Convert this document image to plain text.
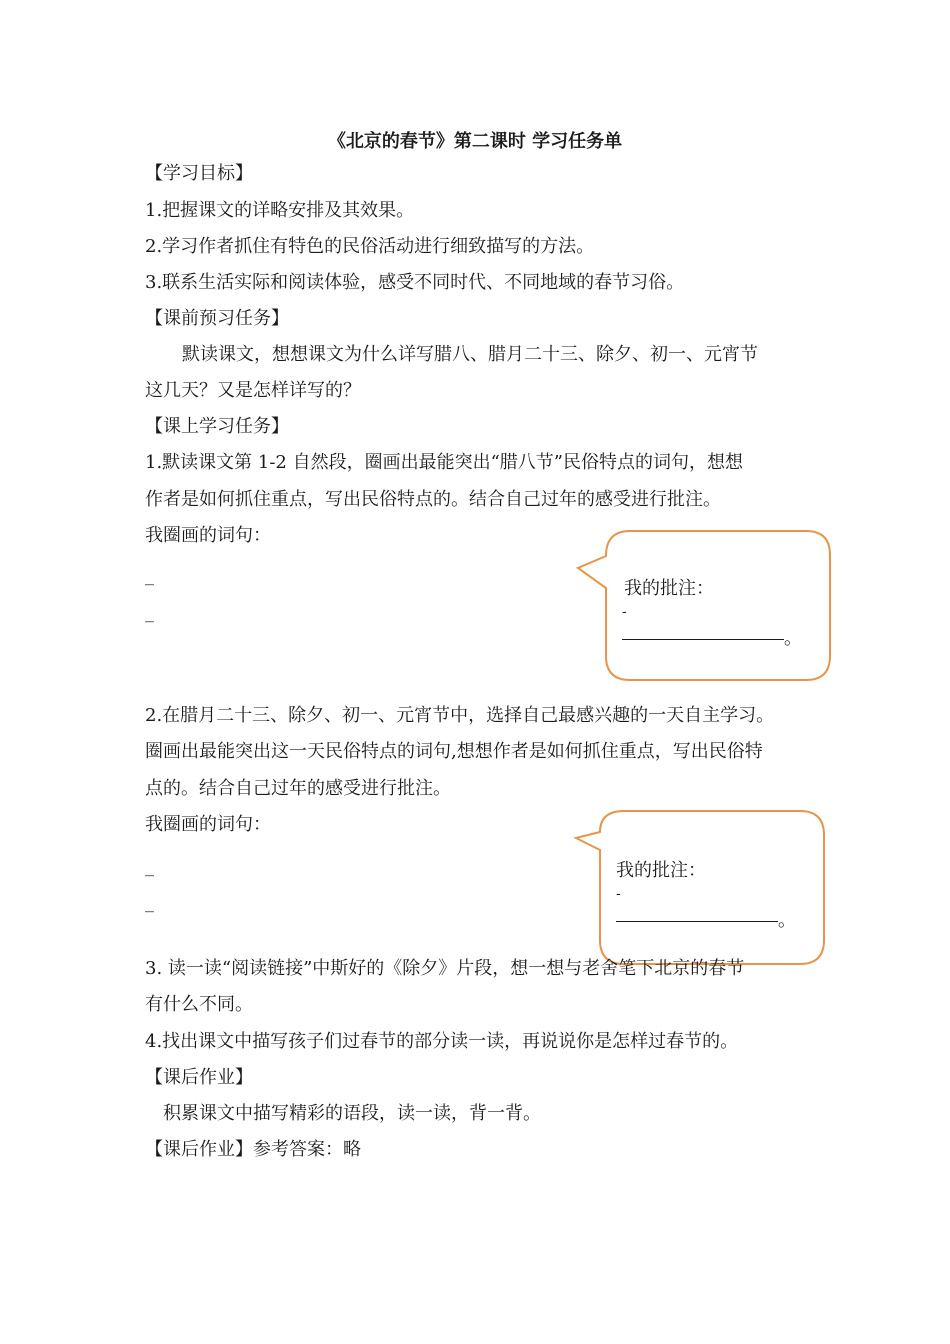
《北京的春节》第二课时 学习任务单
【学习目标】
1.把握课文的详略安排及其效果。
2.学习作者抓住有特色的民俗活动进行细致描写的方法。
3.联系生活实际和阅读体验，感受不同时代、不同地域的春节习俗。
【课前预习任务】
默读课文，想想课文为什么详写腊八、腊月二十三、除夕、初一、元宵节
这几天？又是怎样详写的？
【课上学习任务】
1.默读课文第 1-2 自然段，圈画出最能突出“腊八节”民俗特点的词句，想想
作者是如何抓住重点，写出民俗特点的。结合自己过年的感受进行批注。
我圈画的词句：
_
_
我的批注：
-
。
2.在腊月二十三、除夕、初一、元宵节中，选择自己最感兴趣的一天自主学习。
圈画出最能突出这一天民俗特点的词句,想想作者是如何抓住重点，写出民俗特
点的。结合自己过年的感受进行批注。
我圈画的词句：
_
_
我的批注：
-
。
3. 读一读“阅读链接”中斯好的《除夕》片段，想一想与老舍笔下北京的春节
有什么不同。
4.找出课文中描写孩子们过春节的部分读一读，再说说你是怎样过春节的。
【课后作业】
积累课文中描写精彩的语段，读一读，背一背。
【课后作业】参考答案：略
